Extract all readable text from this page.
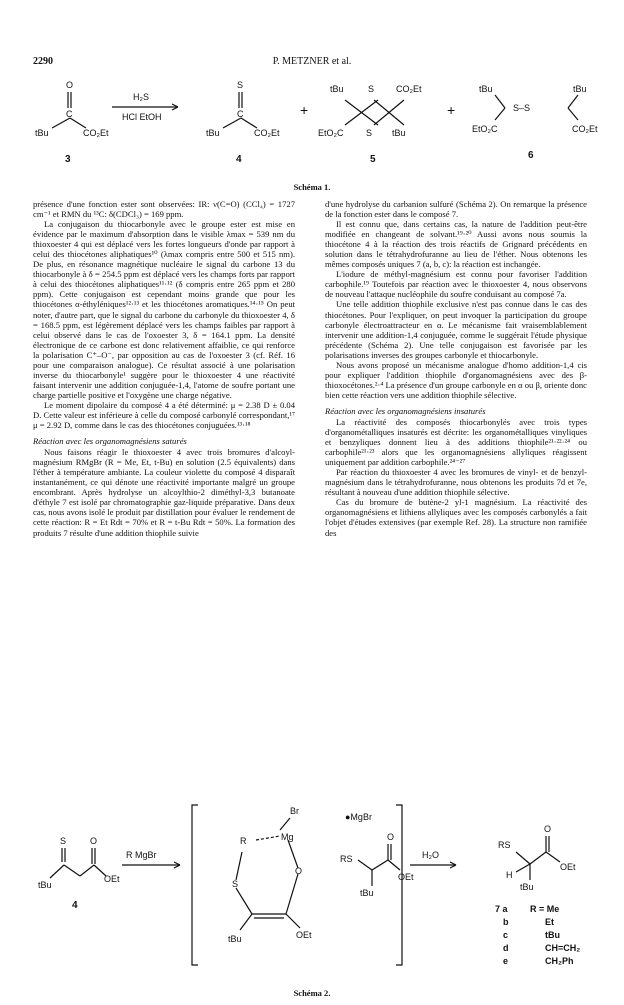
2290	P. METZNER et al.
O
C
tBu	CO₂Et
3
H₂S
HCl EtOH
S
C
tBu	CO₂Et
4
+
tBu	S CO₂Et
EtO₂C	S tBu
5
+
tBu	tBu
S–S
EtO₂C	CO₂Et
6
Schéma 1.

présence d'une fonction ester sont observées: IR: ν(C=O) (CCl₄) = 1727 cm⁻¹ et RMN du ¹³C: δ(CDCl₃) = 169 ppm.

La conjugaison du thiocarbonyle avec le groupe ester est mise en évidence par le maximum d'absorption dans le visible λmax = 539 nm du thioxoester 4 qui est déplacé vers les fortes longueurs d'onde par rapport à celui des thiocétones aliphatiques¹⁰ (λmax compris entre 500 et 515 nm). De plus, en résonance magnétique nucléaire le signal du carbone 13 du thiocarbonyle à δ = 254.5 ppm est déplacé vers les champs forts par rapport à celui des thiocétones aliphatiques¹¹·¹² (δ compris entre 265 ppm et 280 ppm). Cette conjugaison est cependant moins grande que pour les thiocétones α-éthyléniques¹²·¹³ et les thiocétones aromatiques.¹⁴·¹⁵ On peut noter, d'autre part, que le signal du carbone du carbonyle du thioxoester 4, δ = 168.5 ppm, est légèrement déplacé vers les champs faibles par rapport à celui observé dans le cas de l'oxoester 3, δ = 164.1 ppm. La densité électronique de ce carbone est donc relativement affaiblie, ce qui renforce la polarisation C⁺–O⁻, par opposition au cas de l'oxoester 3 (cf. Réf. 16 pour une comparaison analogue). Ce résultat associé à une polarisation inverse du thiocarbonyle¹ suggère pour le thioxoester 4 une réactivité faisant intervenir une addition conjuguée-1,4, l'atome de soufre portant une charge partielle positive et l'oxygène une charge négative.

Le moment dipolaire du composé 4 a été déterminé: μ = 2.38 D ± 0.04 D. Cette valeur est inférieure à celle du composé carbonylé correspondant,¹⁷ μ = 2.92 D, comme dans le cas des thiocétones conjuguées.¹³·¹⁸

Réaction avec les organomagnésiens saturés

Nous faisons réagir le thioxoester 4 avec trois bromures d'alcoyl-magnésium RMgBr (R = Me, Et, t-Bu) en solution (2.5 équivalents) dans l'éther à température ambiante. La couleur violette du composé 4 disparaît instantanément, ce qui dénote une réactivité importante malgré un groupe encombrant. Après hydrolyse un alcoylthio-2 diméthyl-3,3 butanoate d'éthyle 7 est isolé par chromatographie gaz-liquide préparative. Dans deux cas, nous avons isolé le produit par distillation pour évaluer le rendement de cette réaction: R = Et Rdt = 70% et R = t-Bu Rdt = 50%. La formation des produits 7 résulte d'une addition thiophile suivie

d'une hydrolyse du carbanion sulfuré (Schéma 2). On remarque la présence de la fonction ester dans le composé 7.

Il est connu que, dans certains cas, la nature de l'addition peut-être modifiée en changeant de solvant.¹⁹·²⁰ Aussi avons nous soumis la thiocétone 4 à la réaction des trois réactifs de Grignard précédents en solution dans le tétrahydrofuranne au lieu de l'éther. Nous obtenons les mêmes composés uniques 7 (a, b, c): la réaction est inchangée.

L'iodure de méthyl-magnésium est connu pour favoriser l'addition carbophile.¹⁹ Toutefois par réaction avec le thioxoester 4, nous observons de nouveau l'attaque nucléophile du soufre conduisant au composé 7a.

Une telle addition thiophile exclusive n'est pas connue dans le cas des thiocétones. Pour l'expliquer, on peut invoquer la participation du groupe carbonyle électroattracteur en α. Le mécanisme fait vraisemblablement intervenir une addition-1,4 conjuguée, comme le suggérait l'étude physique précédente (Schéma 2). Une telle conjugaison est favorisée par les polarisations inverses des groupes carbonyle et thiocarbonyle.

Nous avons proposé un mécanisme analogue d'homo addition-1,4 cis pour expliquer l'addition thiophile d'organomagnésiens avec des β-thioxocétones.²·⁴ La présence d'un groupe carbonyle en α ou β, oriente donc bien cette réaction vers une addition thiophile sélective.

Réaction avec les organomagnésiens insaturés

La réactivité des composés thiocarbonylés avec trois types d'organométalliques insaturés est décrite: les organométalliques vinyliques et benzyliques donnent lieu à des additions thiophile²¹·²²·²⁴ ou carbophile²¹·²³ alors que les organomagnésiens allyliques réagissent uniquement par addition carbophile.²⁴⁻²⁷

Par réaction du thioxoester 4 avec les bromures de vinyl- et de benzyl-magnésium dans le tétrahydrofuranne, nous obtenons les produits 7d et 7e, résultant à nouveau d'une addition thiophile sélective.

Cas du bromure de butène-2 yl-1 magnésium. La réactivité des organomagnésiens et lithiens allyliques avec les composés carbonylés a fait l'objet d'études extensives (par exemple Ref. 28). La structure non ramifiée des

S	O
tBu
OEt
4
R MgBr
R	Mg
Br
S
O
tBu	OEt
●MgBr
RS
O
tBu
OEt
H₂O
RS
O
H
tBu
OEt
7 a R = Me
b	Et
c	tBu
d	CH=CH₂
e	CH₂Ph
Schéma 2.
